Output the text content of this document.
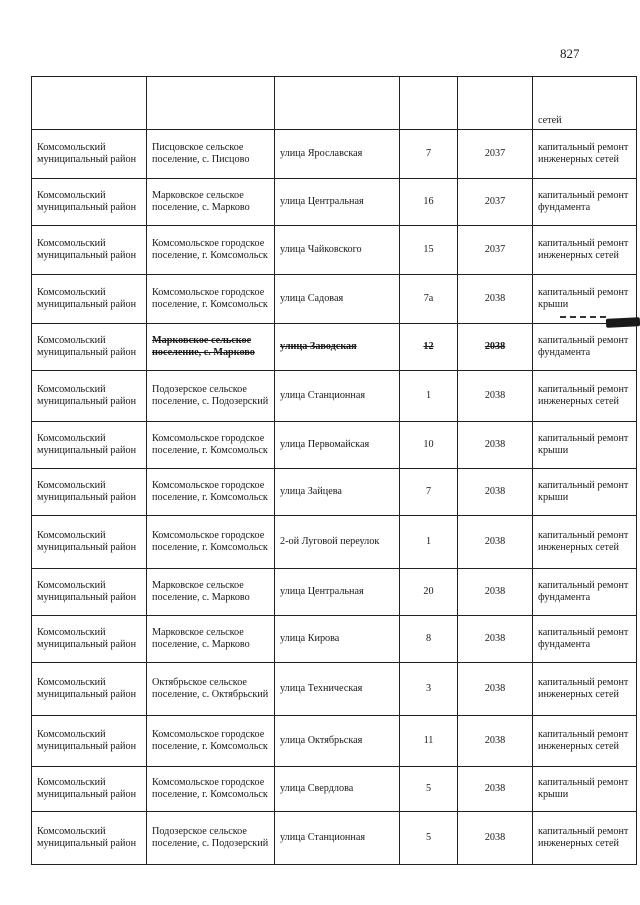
827
					сетей
Комсомольский муниципальный район	Пиcцовское сельское поселение, с. Пиcцово	улица Ярославская	7	2037	капитальный ремонт инженерных сетей
Комсомольский муниципальный район	Марковское сельское поселение, с. Марково	улица Центральная	16	2037	капитальный ремонт фундамента
Комсомольский муниципальный район	Комсомольское городское поселение, г. Комсомольск	улица Чайковского	15	2037	капитальный ремонт инженерных сетей
Комсомольский муниципальный район	Комсомольское городское поселение, г. Комсомольск	улица Садовая	7а	2038	капитальный ремонт крыши
Комсомольский муниципальный район	Марковское сельское поселение, с. Марково	улица Заводская	12	2038	капитальный ремонт фундамента
Комсомольский муниципальный район	Подозерское сельское поселение, с. Подозерский	улица Станционная	1	2038	капитальный ремонт инженерных сетей
Комсомольский муниципальный район	Комсомольское городское поселение, г. Комсомольск	улица Первомайская	10	2038	капитальный ремонт крыши
Комсомольский муниципальный район	Комсомольское городское поселение, г. Комсомольск	улица Зайцева	7	2038	капитальный ремонт крыши
Комсомольский муниципальный район	Комсомольское городское поселение, г. Комсомольск	2-ой Луговой переулок	1	2038	капитальный ремонт инженерных сетей
Комсомольский муниципальный район	Марковское сельское поселение, с. Марково	улица Центральная	20	2038	капитальный ремонт фундамента
Комсомольский муниципальный район	Марковское сельское поселение, с. Марково	улица Кирова	8	2038	капитальный ремонт фундамента
Комсомольский муниципальный район	Октябрьское сельское поселение, с. Октябрьский	улица Техническая	3	2038	капитальный ремонт инженерных сетей
Комсомольский муниципальный район	Комсомольское городское поселение, г. Комсомольск	улица Октябрьская	11	2038	капитальный ремонт инженерных сетей
Комсомольский муниципальный район	Комсомольское городское поселение, г. Комсомольск	улица Свердлова	5	2038	капитальный ремонт крыши
Комсомольский муниципальный район	Подозерское сельское поселение, с. Подозерский	улица Станционная	5	2038	капитальный ремонт инженерных сетей
